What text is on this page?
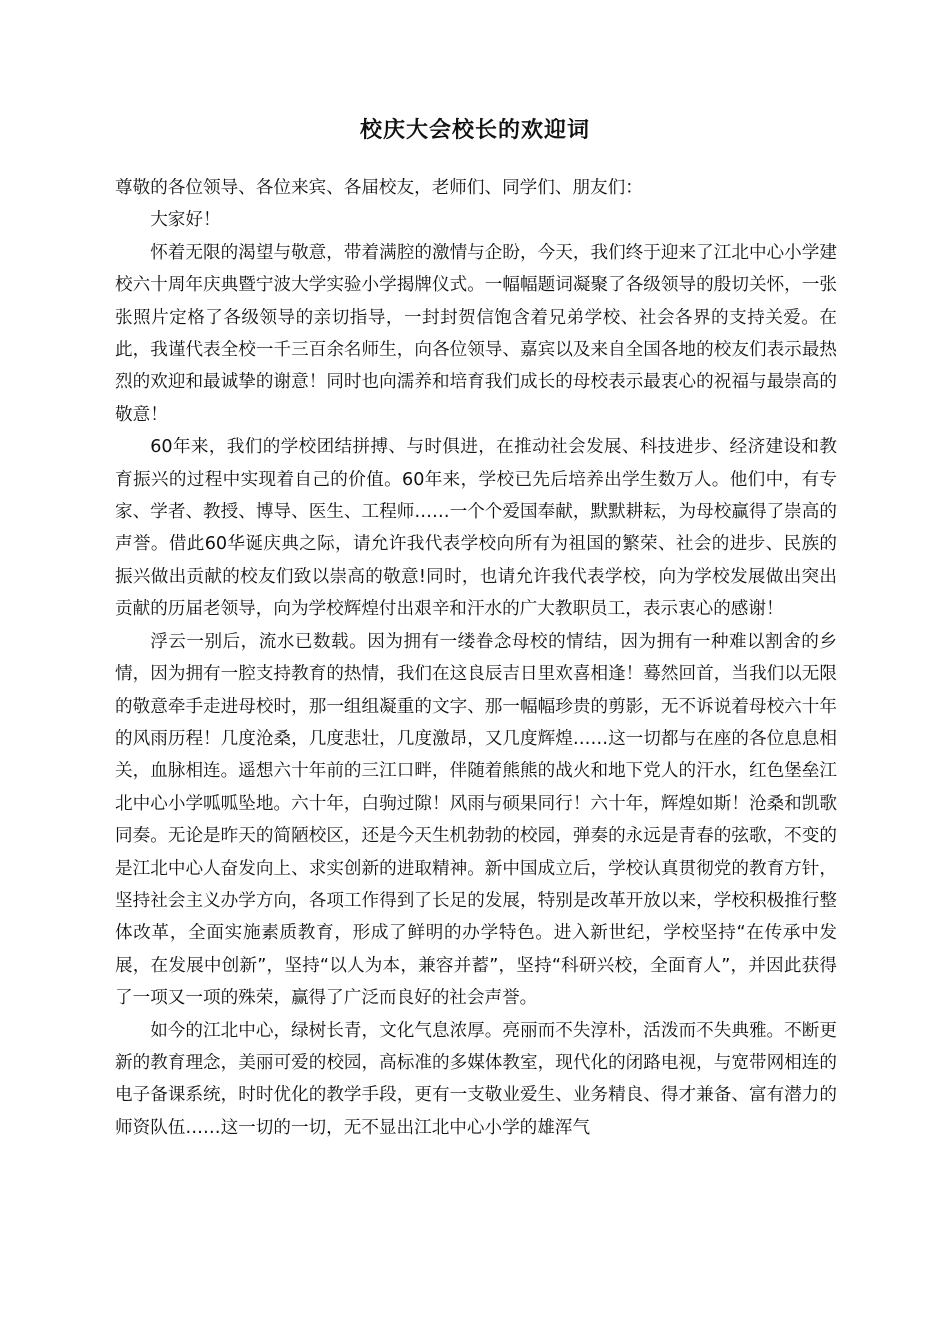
校庆大会校长的欢迎词

尊敬的各位领导、各位来宾、各届校友，老师们、同学们、朋友们：

大家好！

怀着无限的渴望与敬意，带着满腔的激情与企盼，今天，我们终于迎来了江北中心小学建校六十周年庆典暨宁波大学实验小学揭牌仪式。一幅幅题词凝聚了各级领导的殷切关怀，一张张照片定格了各级领导的亲切指导，一封封贺信饱含着兄弟学校、社会各界的支持关爱。在此，我谨代表全校一千三百余名师生，向各位领导、嘉宾以及来自全国各地的校友们表示最热烈的欢迎和最诚挚的谢意！同时也向濡养和培育我们成长的母校表示最衷心的祝福与最崇高的敬意！

60年来，我们的学校团结拼搏、与时俱进，在推动社会发展、科技进步、经济建设和教育振兴的过程中实现着自己的价值。60年来，学校已先后培养出学生数万人。他们中，有专家、学者、教授、博导、医生、工程师……一个个爱国奉献，默默耕耘，为母校赢得了崇高的声誉。借此60华诞庆典之际，请允许我代表学校向所有为祖国的繁荣、社会的进步、民族的振兴做出贡献的校友们致以崇高的敬意!同时，也请允许我代表学校，向为学校发展做出突出贡献的历届老领导，向为学校辉煌付出艰辛和汗水的广大教职员工，表示衷心的感谢！

浮云一别后，流水已数载。因为拥有一缕眷念母校的情结，因为拥有一种难以割舍的乡情，因为拥有一腔支持教育的热情，我们在这良辰吉日里欢喜相逢！蓦然回首，当我们以无限的敬意牵手走进母校时，那一组组凝重的文字、那一幅幅珍贵的剪影，无不诉说着母校六十年的风雨历程！几度沧桑，几度悲壮，几度激昂，又几度辉煌……这一切都与在座的各位息息相关，血脉相连。遥想六十年前的三江口畔，伴随着熊熊的战火和地下党人的汗水，红色堡垒江北中心小学呱呱坠地。六十年，白驹过隙！风雨与硕果同行！六十年，辉煌如斯！沧桑和凯歌同奏。无论是昨天的简陋校区，还是今天生机勃勃的校园，弹奏的永远是青春的弦歌，不变的是江北中心人奋发向上、求实创新的进取精神。新中国成立后，学校认真贯彻党的教育方针，坚持社会主义办学方向，各项工作得到了长足的发展，特别是改革开放以来，学校积极推行整体改革，全面实施素质教育，形成了鲜明的办学特色。进入新世纪，学校坚持“在传承中发展，在发展中创新”，坚持“以人为本，兼容并蓄”，坚持“科研兴校，全面育人”，并因此获得了一项又一项的殊荣，赢得了广泛而良好的社会声誉。

如今的江北中心，绿树长青，文化气息浓厚。亮丽而不失淳朴，活泼而不失典雅。不断更新的教育理念，美丽可爱的校园，高标准的多媒体教室，现代化的闭路电视，与宽带网相连的电子备课系统，时时优化的教学手段，更有一支敬业爱生、业务精良、得才兼备、富有潜力的师资队伍……这一切的一切，无不显出江北中心小学的雄浑气
